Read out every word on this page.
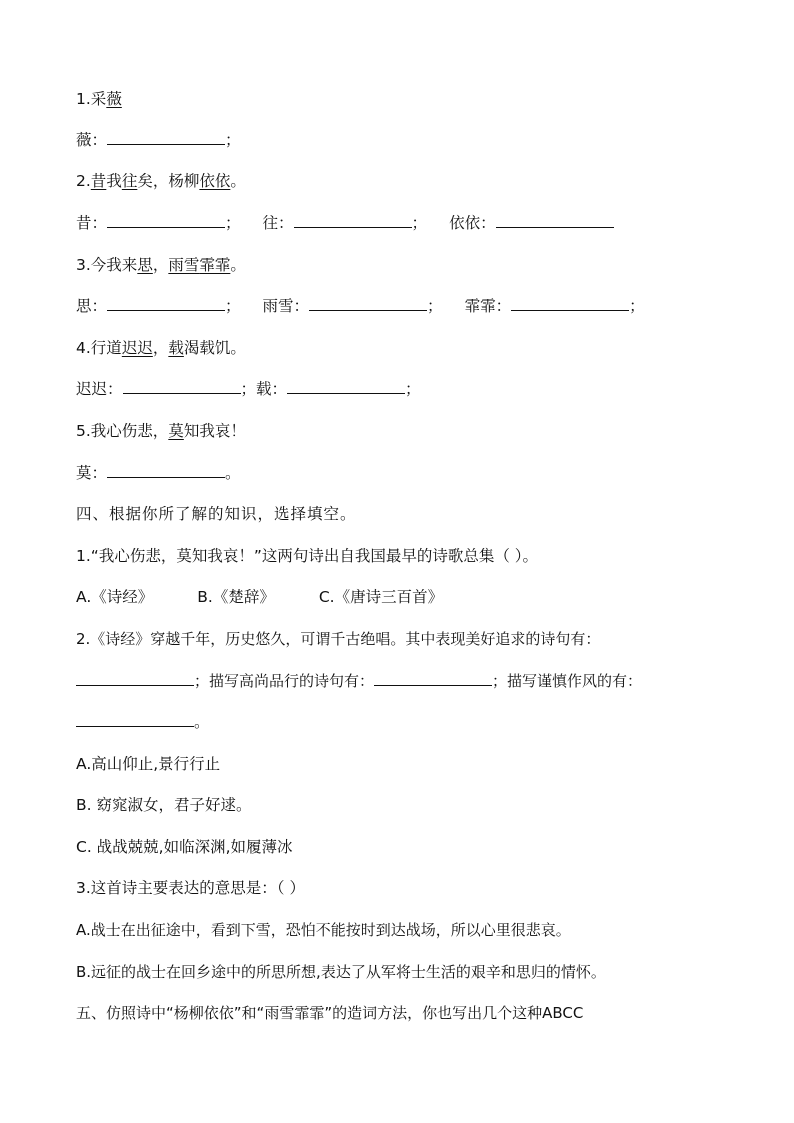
1.采薇
薇：	；
2.昔我往矣，杨柳依依。
昔：	； 往：	； 依依：
3.今我来思，雨雪霏霏。
思：	； 雨雪：	； 霏霏：	；
4.行道迟迟，载渴载饥。
迟迟：	；载：	；
5.我心伤悲，莫知我哀！
莫：	。
四、根据你所了解的知识，选择填空。
1.“我心伤悲，莫知我哀！”这两句诗出自我国最早的诗歌总集（ ）。
A.《诗经》	B.《楚辞》	C.《唐诗三百首》
2.《诗经》穿越千年，历史悠久，可谓千古绝唱。其中表现美好追求的诗句有：
；描写高尚品行的诗句有：	；描写谨慎作风的有：
。
A.高山仰止,景行行止
B. 窈窕淑女，君子好逑。
C. 战战兢兢,如临深渊,如履薄冰
3.这首诗主要表达的意思是：（ ）
A.战士在出征途中，看到下雪，恐怕不能按时到达战场，所以心里很悲哀。
B.远征的战士在回乡途中的所思所想,表达了从军将士生活的艰辛和思归的情怀。
五、仿照诗中“杨柳依依”和“雨雪霏霏”的造词方法，你也写出几个这种ABCC
